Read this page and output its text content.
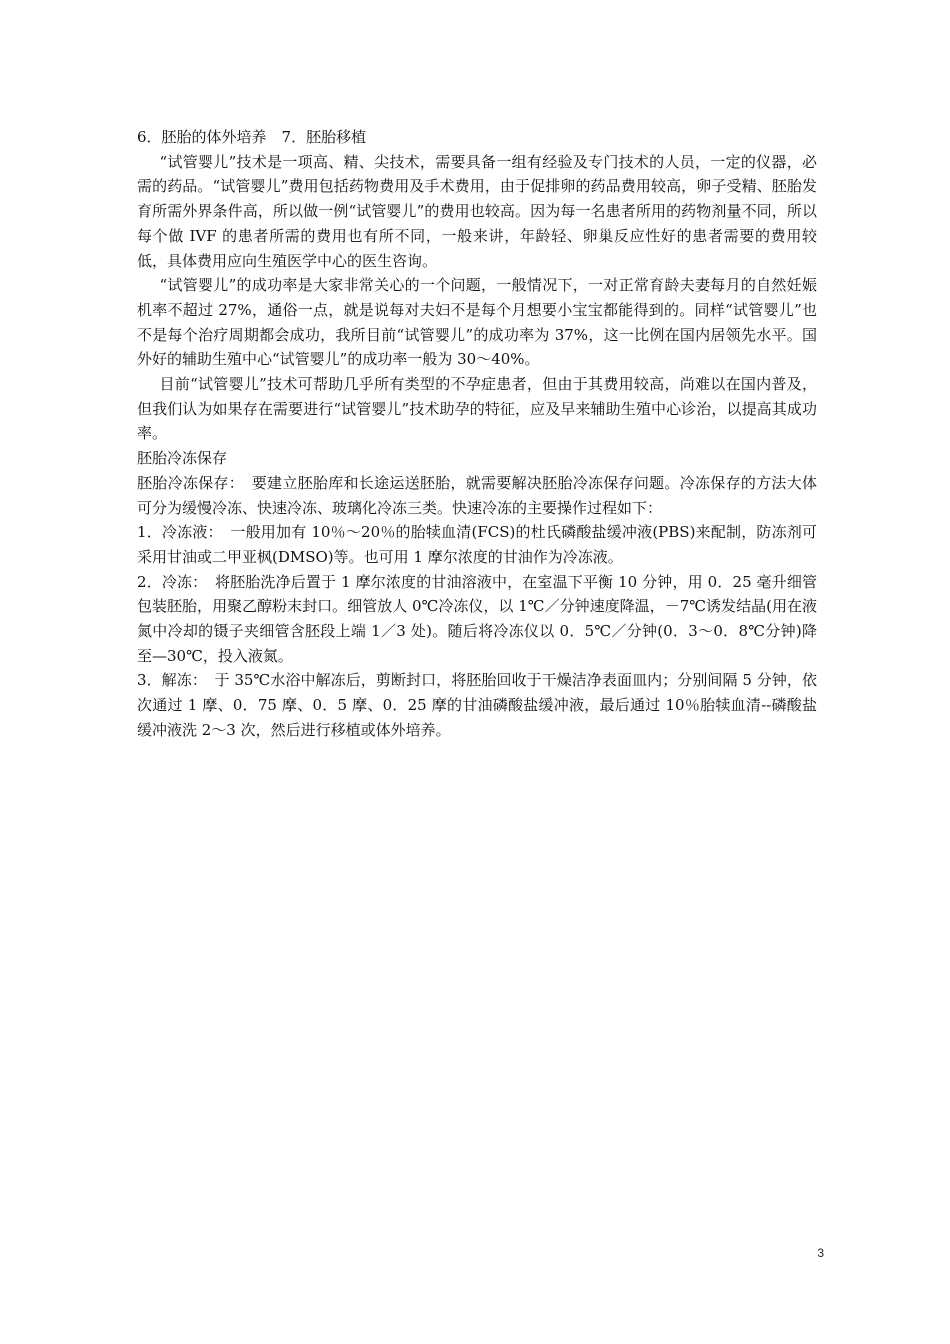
6．胚胎的体外培养　7．胚胎移植

“试管婴儿”技术是一项高、精、尖技术，需要具备一组有经验及专门技术的人员，一定的仪器，必需的药品。“试管婴儿”费用包括药物费用及手术费用，由于促排卵的药品费用较高，卵子受精、胚胎发育所需外界条件高，所以做一例“试管婴儿”的费用也较高。因为每一名患者所用的药物剂量不同，所以每个做 IVF 的患者所需的费用也有所不同，一般来讲，年龄轻、卵巢反应性好的患者需要的费用较低，具体费用应向生殖医学中心的医生咨询。

“试管婴儿”的成功率是大家非常关心的一个问题，一般情况下，一对正常育龄夫妻每月的自然妊娠机率不超过 27%，通俗一点，就是说每对夫妇不是每个月想要小宝宝都能得到的。同样“试管婴儿”也不是每个治疗周期都会成功，我所目前“试管婴儿”的成功率为 37%，这一比例在国内居领先水平。国外好的辅助生殖中心“试管婴儿”的成功率一般为 30～40%。

目前“试管婴儿”技术可帮助几乎所有类型的不孕症患者，但由于其费用较高，尚难以在国内普及，但我们认为如果存在需要进行“试管婴儿”技术助孕的特征，应及早来辅助生殖中心诊治，以提高其成功率。

胚胎冷冻保存

胚胎冷冻保存：　要建立胚胎库和长途运送胚胎，就需要解决胚胎冷冻保存问题。冷冻保存的方法大体可分为缓慢冷冻、快速冷冻、玻璃化冷冻三类。快速冷冻的主要操作过程如下：

1．冷冻液：　一般用加有 10％～20％的胎犊血清(FCS)的杜氏磷酸盐缓冲液(PBS)来配制，防冻剂可采用甘油或二甲亚枫(DMSO)等。也可用 1 摩尔浓度的甘油作为冷冻液。

2．冷冻：　将胚胎洗净后置于 1 摩尔浓度的甘油溶液中，在室温下平衡 10 分钟，用 0．25 毫升细管包装胚胎，用聚乙醇粉末封口。细管放人 0℃冷冻仪，以 1℃／分钟速度降温，－7℃诱发结晶(用在液氮中冷却的镊子夹细管含胚段上端 1／3 处)。随后将冷冻仪以 0．5℃／分钟(0．3～0．8℃分钟)降至—30℃，投入液氮。

3．解冻：　于 35℃水浴中解冻后，剪断封口，将胚胎回收于干燥洁净表面皿内；分别间隔 5 分钟，依次通过 1 摩、0．75 摩、0．5 摩、0．25 摩的甘油磷酸盐缓冲液，最后通过 10％胎犊血清--磷酸盐缓冲液洗 2～3 次，然后进行移植或体外培养。

3
